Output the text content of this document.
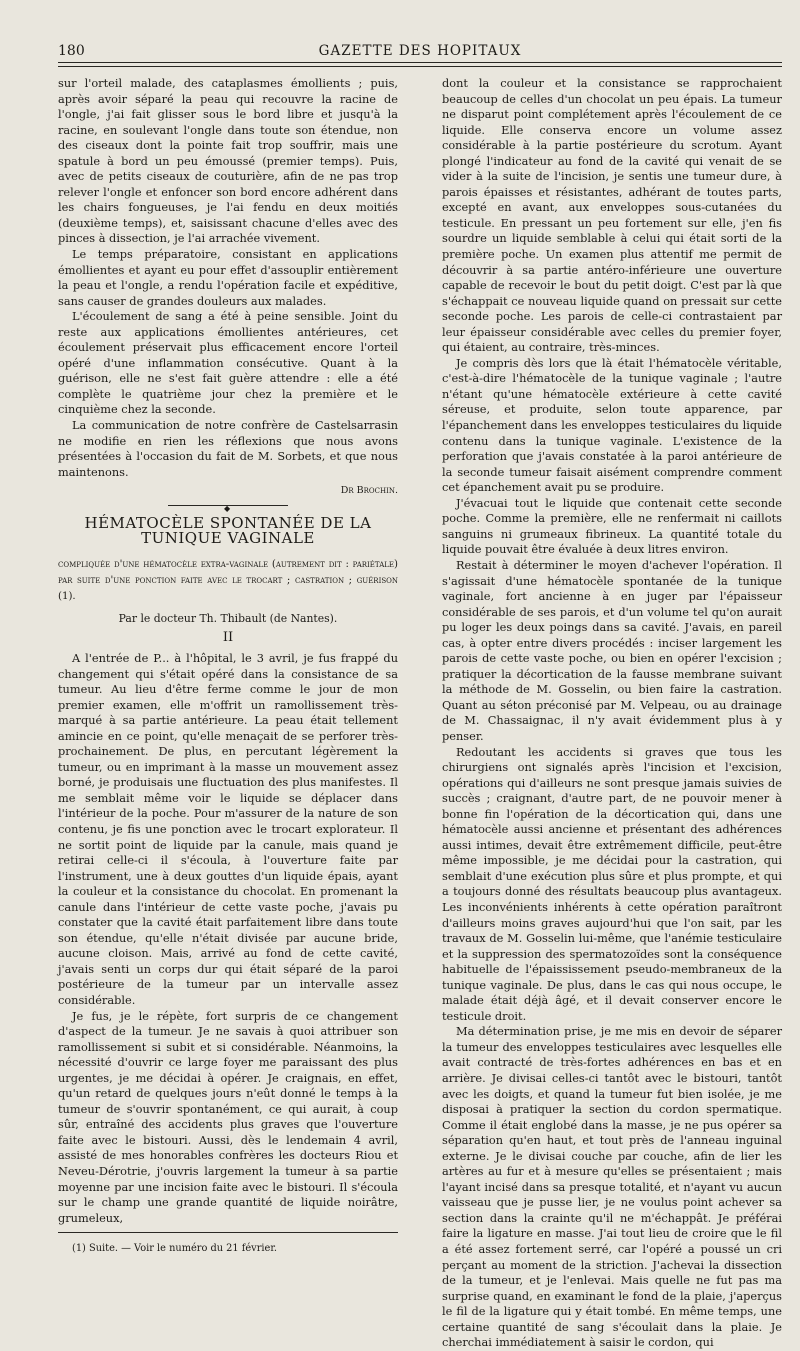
180	GAZETTE DES HOPITAUX

sur l'orteil malade, des cataplasmes émollients ; puis, après avoir séparé la peau qui recouvre la racine de l'ongle, j'ai fait glisser sous le bord libre et jusqu'à la racine, en soulevant l'ongle dans toute son étendue, non des ciseaux dont la pointe fait trop souffrir, mais une spatule à bord un peu émoussé (premier temps). Puis, avec de petits ciseaux de couturière, afin de ne pas trop relever l'ongle et enfoncer son bord encore adhérent dans les chairs fongueuses, je l'ai fendu en deux moitiés (deuxième temps), et, saisissant chacune d'elles avec des pinces à dissection, je l'ai arrachée vivement.

Le temps préparatoire, consistant en applications émollientes et ayant eu pour effet d'assouplir entièrement la peau et l'ongle, a rendu l'opération facile et expéditive, sans causer de grandes douleurs aux malades.

L'écoulement de sang a été à peine sensible. Joint du reste aux applications émollientes antérieures, cet écoulement préservait plus efficacement encore l'orteil opéré d'une inflammation consécutive. Quant à la guérison, elle ne s'est fait guère attendre : elle a été complète le quatrième jour chez la première et le cinquième chez la seconde.

La communication de notre confrère de Castelsarrasin ne modifie en rien les réflexions que nous avons présentées à l'occasion du fait de M. Sorbets, et que nous maintenons.

Dr Brochin.
◆
HÉMATOCÈLE SPONTANÉE DE LA TUNIQUE VAGINALE
compliquée d'une hématocèle extra-vaginale (autrement dit : pariétale) par suite d'une ponction faite avec le trocart ; castration ; guérison (1).
Par le docteur Th. Thibault (de Nantes).
II

A l'entrée de P... à l'hôpital, le 3 avril, je fus frappé du changement qui s'était opéré dans la consistance de sa tumeur. Au lieu d'être ferme comme le jour de mon premier examen, elle m'offrit un ramollissement très-marqué à sa partie antérieure. La peau était tellement amincie en ce point, qu'elle menaçait de se perforer très-prochainement. De plus, en percutant légèrement la tumeur, ou en imprimant à la masse un mouvement assez borné, je produisais une fluctuation des plus manifestes. Il me semblait même voir le liquide se déplacer dans l'intérieur de la poche. Pour m'assurer de la nature de son contenu, je fis une ponction avec le trocart explorateur. Il ne sortit point de liquide par la canule, mais quand je retirai celle-ci il s'écoula, à l'ouverture faite par l'instrument, une à deux gouttes d'un liquide épais, ayant la couleur et la consistance du chocolat. En promenant la canule dans l'intérieur de cette vaste poche, j'avais pu constater que la cavité était parfaitement libre dans toute son étendue, qu'elle n'était divisée par aucune bride, aucune cloison. Mais, arrivé au fond de cette cavité, j'avais senti un corps dur qui était séparé de la paroi postérieure de la tumeur par un intervalle assez considérable.

Je fus, je le répète, fort surpris de ce changement d'aspect de la tumeur. Je ne savais à quoi attribuer son ramollissement si subit et si considérable. Néanmoins, la nécessité d'ouvrir ce large foyer me paraissant des plus urgentes, je me décidai à opérer. Je craignais, en effet, qu'un retard de quelques jours n'eût donné le temps à la tumeur de s'ouvrir spontanément, ce qui aurait, à coup sûr, entraîné des accidents plus graves que l'ouverture faite avec le bistouri. Aussi, dès le lendemain 4 avril, assisté de mes honorables confrères les docteurs Riou et Neveu-Dérotrie, j'ouvris largement la tumeur à sa partie moyenne par une incision faite avec le bistouri. Il s'écoula sur le champ une grande quantité de liquide noirâtre, grumeleux,

(1) Suite. — Voir le numéro du 21 février.

dont la couleur et la consistance se rapprochaient beaucoup de celles d'un chocolat un peu épais. La tumeur ne disparut point complétement après l'écoulement de ce liquide. Elle conserva encore un volume assez considérable à la partie postérieure du scrotum. Ayant plongé l'indicateur au fond de la cavité qui venait de se vider à la suite de l'incision, je sentis une tumeur dure, à parois épaisses et résistantes, adhérant de toutes parts, excepté en avant, aux enveloppes sous-cutanées du testicule. En pressant un peu fortement sur elle, j'en fis sourdre un liquide semblable à celui qui était sorti de la première poche. Un examen plus attentif me permit de découvrir à sa partie antéro-inférieure une ouverture capable de recevoir le bout du petit doigt. C'est par là que s'échappait ce nouveau liquide quand on pressait sur cette seconde poche. Les parois de celle-ci contrastaient par leur épaisseur considérable avec celles du premier foyer, qui étaient, au contraire, très-minces.

Je compris dès lors que là était l'hématocèle véritable, c'est-à-dire l'hématocèle de la tunique vaginale ; l'autre n'étant qu'une hématocèle extérieure à cette cavité séreuse, et produite, selon toute apparence, par l'épanchement dans les enveloppes testiculaires du liquide contenu dans la tunique vaginale. L'existence de la perforation que j'avais constatée à la paroi antérieure de la seconde tumeur faisait aisément comprendre comment cet épanchement avait pu se produire.

J'évacuai tout le liquide que contenait cette seconde poche. Comme la première, elle ne renfermait ni caillots sanguins ni grumeaux fibrineux. La quantité totale du liquide pouvait être évaluée à deux litres environ.

Restait à déterminer le moyen d'achever l'opération. Il s'agissait d'une hématocèle spontanée de la tunique vaginale, fort ancienne à en juger par l'épaisseur considérable de ses parois, et d'un volume tel qu'on aurait pu loger les deux poings dans sa cavité. J'avais, en pareil cas, à opter entre divers procédés : inciser largement les parois de cette vaste poche, ou bien en opérer l'excision ; pratiquer la décortication de la fausse membrane suivant la méthode de M. Gosselin, ou bien faire la castration. Quant au séton préconisé par M. Velpeau, ou au drainage de M. Chassaignac, il n'y avait évidemment plus à y penser.

Redoutant les accidents si graves que tous les chirurgiens ont signalés après l'incision et l'excision, opérations qui d'ailleurs ne sont presque jamais suivies de succès ; craignant, d'autre part, de ne pouvoir mener à bonne fin l'opération de la décortication qui, dans une hématocèle aussi ancienne et présentant des adhérences aussi intimes, devait être extrêmement difficile, peut-être même impossible, je me décidai pour la castration, qui semblait d'une exécution plus sûre et plus prompte, et qui a toujours donné des résultats beaucoup plus avantageux. Les inconvénients inhérents à cette opération paraîtront d'ailleurs moins graves aujourd'hui que l'on sait, par les travaux de M. Gosselin lui-même, que l'anémie testiculaire et la suppression des spermatozoïdes sont la conséquence habituelle de l'épaississement pseudo-membraneux de la tunique vaginale. De plus, dans le cas qui nous occupe, le malade était déjà âgé, et il devait conserver encore le testicule droit.

Ma détermination prise, je me mis en devoir de séparer la tumeur des enveloppes testiculaires avec lesquelles elle avait contracté de très-fortes adhérences en bas et en arrière. Je divisai celles-ci tantôt avec le bistouri, tantôt avec les doigts, et quand la tumeur fut bien isolée, je me disposai à pratiquer la section du cordon spermatique. Comme il était englobé dans la masse, je ne pus opérer sa séparation qu'en haut, et tout près de l'anneau inguinal externe. Je le divisai couche par couche, afin de lier les artères au fur et à mesure qu'elles se présentaient ; mais l'ayant incisé dans sa presque totalité, et n'ayant vu aucun vaisseau que je pusse lier, je ne voulus point achever sa section dans la crainte qu'il ne m'échappât. Je préférai faire la ligature en masse. J'ai tout lieu de croire que le fil a été assez fortement serré, car l'opéré a poussé un cri perçant au moment de la striction. J'achevai la dissection de la tumeur, et je l'enlevai. Mais quelle ne fut pas ma surprise quand, en examinant le fond de la plaie, j'aperçus le fil de la ligature qui y était tombé. En même temps, une certaine quantité de sang s'écoulait dans la plaie. Je cherchai immédiatement à saisir le cordon, qui
